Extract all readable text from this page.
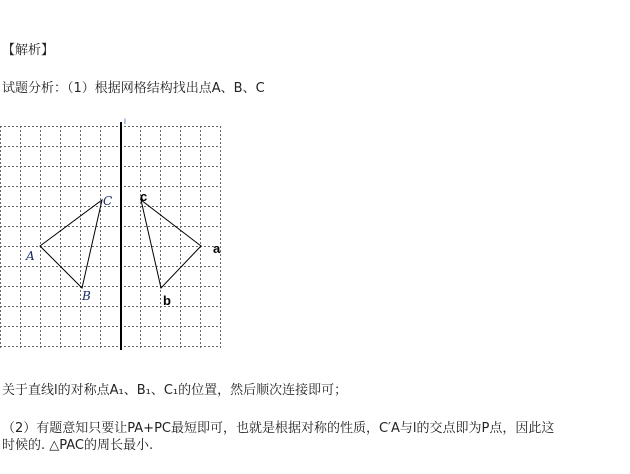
【解析】
试题分析：（1）根据网格结构找出点A、B、C
l
A
B
C
a
b
c
关于直线l的对称点A₁、B₁、C₁的位置，然后顺次连接即可；
（2）有题意知只要让PA+PC最短即可，也就是根据对称的性质，C′A与l的交点即为P点，因此这
时候的. △PAC的周长最小.
